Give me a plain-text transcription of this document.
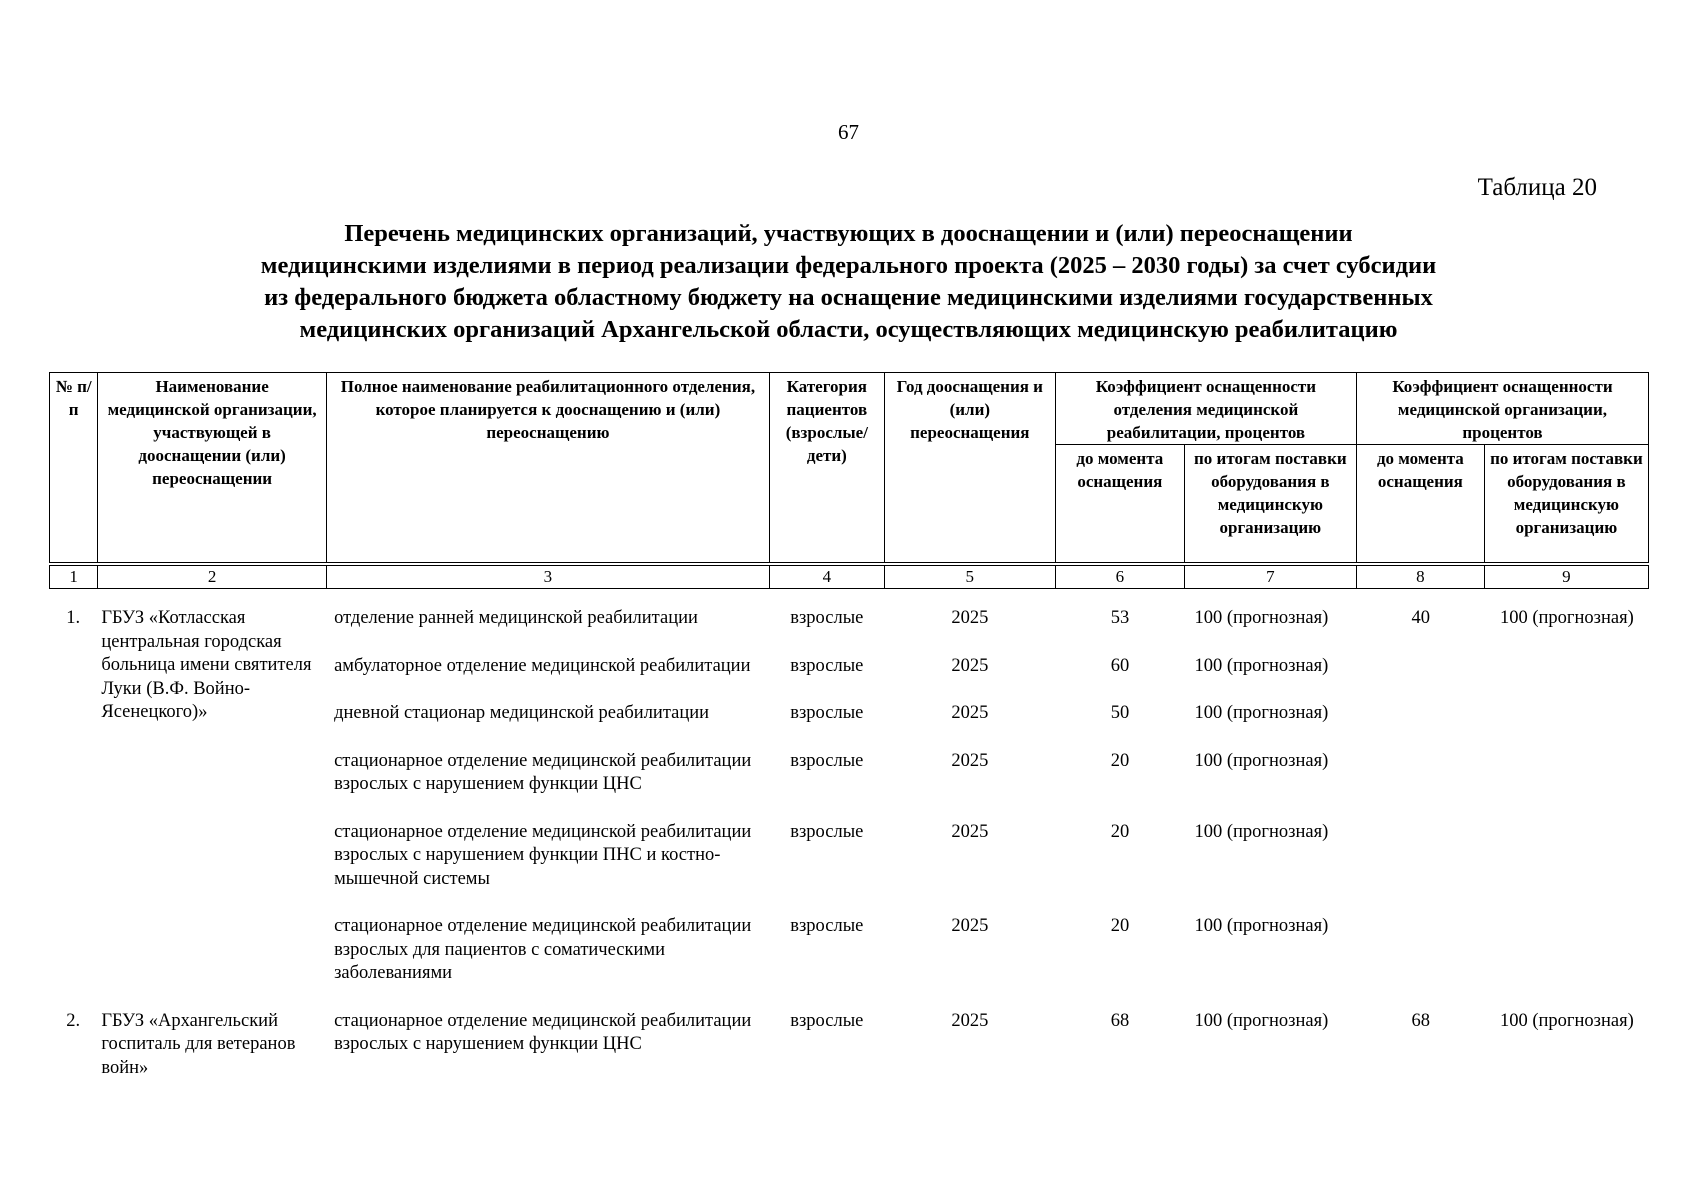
67
Таблица 20
Перечень медицинских организаций, участвующих в дооснащении и (или) переоснащении
медицинскими изделиями в период реализации федерального проекта (2025 – 2030 годы) за счет субсидии
из федерального бюджета областному бюджету на оснащение медицинскими изделиями государственных
медицинских организаций Архангельской области, осуществляющих медицинскую реабилитацию
№ п/п	Наименование медицинской организации, участвующей в дооснащении (или) переоснащении	Полное наименование реабилитационного отделения, которое планируется к дооснащению и (или) переоснащению	Категория пациентов (взрослые/ дети)	Год дооснащения и (или) переоснащения	Коэффициент оснащенности отделения медицинской реабилитации, процентов		Коэффициент оснащенности медицинской организации, процентов	
					до момента оснащения	по итогам поставки оборудования в медицинскую организацию	до момента оснащения	по итогам поставки оборудования в медицинскую организацию
1	2	3	4	5	6	7	8	9
1.	ГБУЗ «Котласская центральная городская больница имени святителя Луки (В.Ф. Войно-Ясенецкого)»	отделение ранней медицинской реабилитации	взрослые	2025	53	100 (прогнозная)	40	100 (прогнозная)
		амбулаторное отделение медицинской реабилитации	взрослые	2025	60	100 (прогнозная)		
		дневной стационар медицинской реабилитации	взрослые	2025	50	100 (прогнозная)		
		стационарное отделение медицинской реабилитации взрослых с нарушением функции ЦНС	взрослые	2025	20	100 (прогнозная)		
		стационарное отделение медицинской реабилитации взрослых с нарушением функции ПНС и костно-мышечной системы	взрослые	2025	20	100 (прогнозная)		
		стационарное отделение медицинской реабилитации взрослых для пациентов с соматическими заболеваниями	взрослые	2025	20	100 (прогнозная)		
2.	ГБУЗ «Архангельский госпиталь для ветеранов войн»	стационарное отделение медицинской реабилитации взрослых с нарушением функции ЦНС	взрослые	2025	68	100 (прогнозная)	68	100 (прогнозная)
